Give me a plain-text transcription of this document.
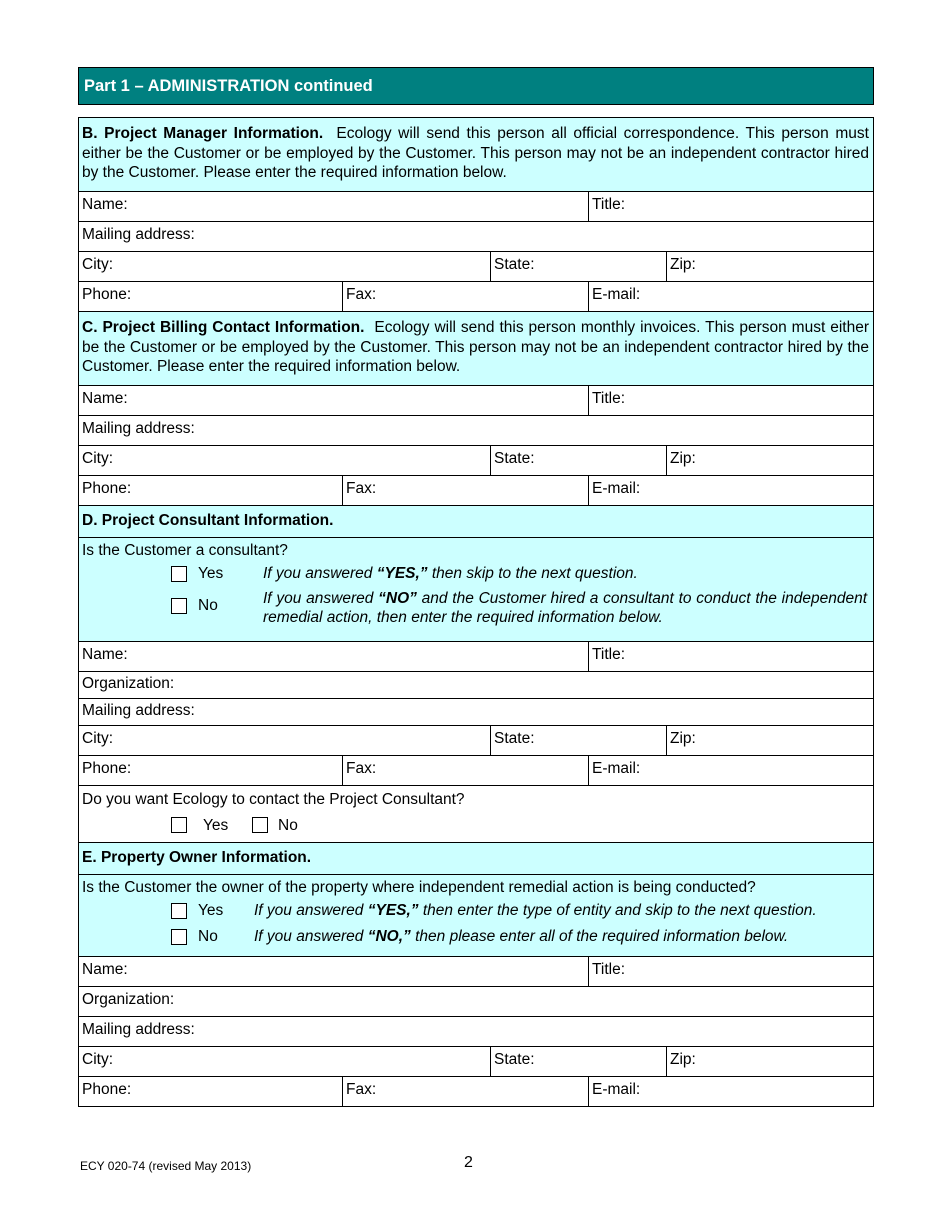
Part 1 – ADMINISTRATION continued
B. Project Manager Information. Ecology will send this person all official correspondence. This person must either be the Customer or be employed by the Customer. This person may not be an independent contractor hired by the Customer. Please enter the required information below.
Name:	Title:
Mailing address:
City:	State:	Zip:
Phone:	Fax:	E-mail:
C. Project Billing Contact Information. Ecology will send this person monthly invoices. This person must either be the Customer or be employed by the Customer. This person may not be an independent contractor hired by the Customer. Please enter the required information below.
Name:	Title:
Mailing address:
City:	State:	Zip:
Phone:	Fax:	E-mail:
D. Project Consultant Information.
Is the Customer a consultant?
Yes	If you answered “YES,” then skip to the next question.
No	If you answered “NO” and the Customer hired a consultant to conduct the independent remedial action, then enter the required information below.
Name:	Title:
Organization:
Mailing address:
City:	State:	Zip:
Phone:	Fax:	E-mail:
Do you want Ecology to contact the Project Consultant?
Yes	No
E. Property Owner Information.
Is the Customer the owner of the property where independent remedial action is being conducted?
Yes If you answered “YES,” then enter the type of entity and skip to the next question.
No If you answered “NO,” then please enter all of the required information below.
Name:	Title:
Organization:
Mailing address:
City:	State:	Zip:
Phone:	Fax:	E-mail:
ECY 020-74 (revised May 2013)	2
